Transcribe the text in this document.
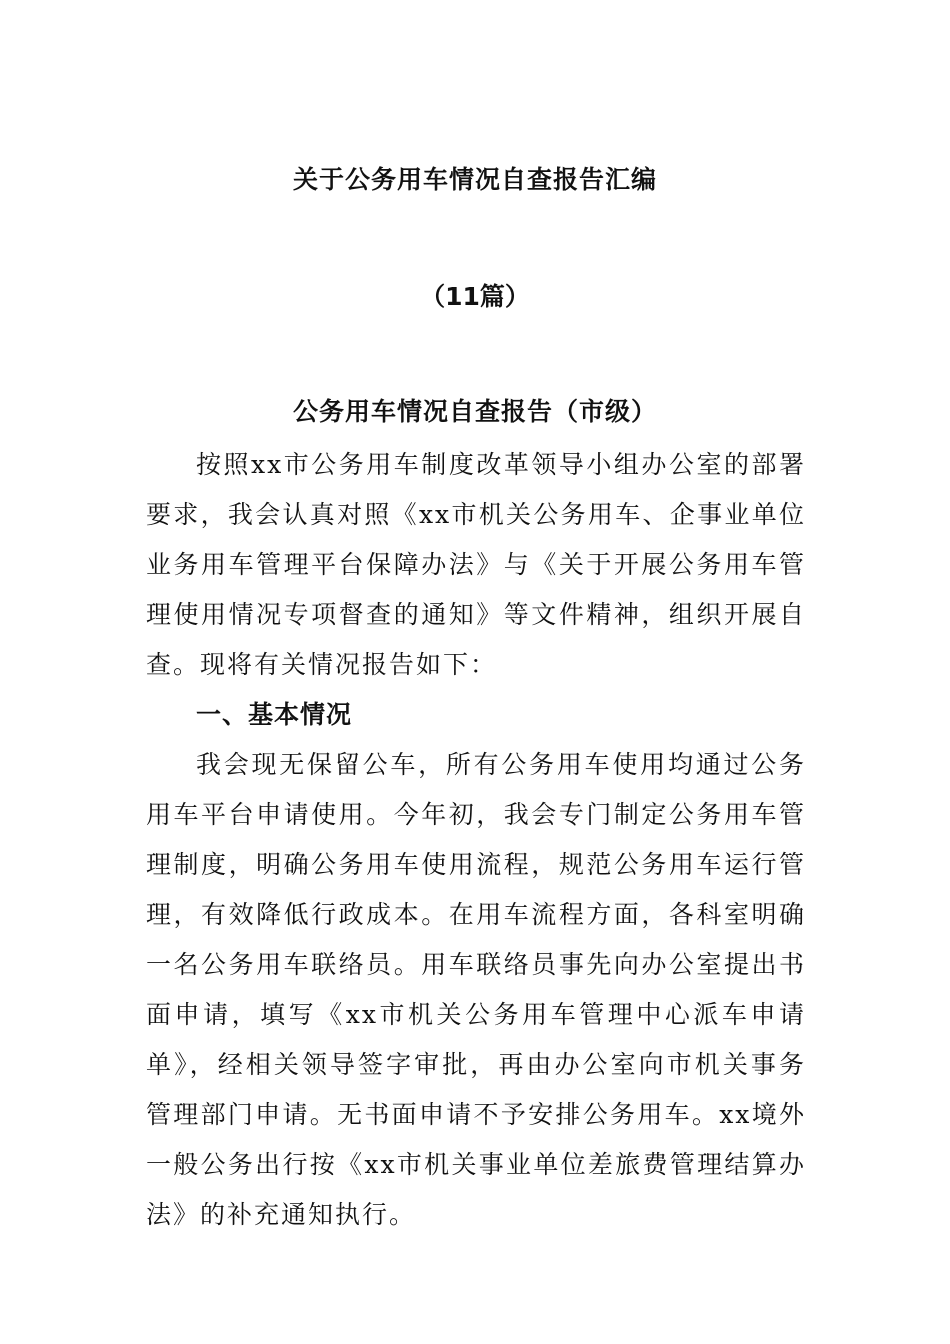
关于公务用车情况自查报告汇编
（11篇）
公务用车情况自查报告（市级）

按照xx市公务用车制度改革领导小组办公室的部署要求，我会认真对照《xx市机关公务用车、企事业单位业务用车管理平台保障办法》与《关于开展公务用车管理使用情况专项督查的通知》等文件精神，组织开展自查。现将有关情况报告如下：

一、基本情况

我会现无保留公车，所有公务用车使用均通过公务用车平台申请使用。今年初，我会专门制定公务用车管理制度，明确公务用车使用流程，规范公务用车运行管理，有效降低行政成本。在用车流程方面，各科室明确一名公务用车联络员。用车联络员事先向办公室提出书面申请，填写《xx市机关公务用车管理中心派车申请单》，经相关领导签字审批，再由办公室向市机关事务管理部门申请。无书面申请不予安排公务用车。xx境外一般公务出行按《xx市机关事业单位差旅费管理结算办法》的补充通知执行。
